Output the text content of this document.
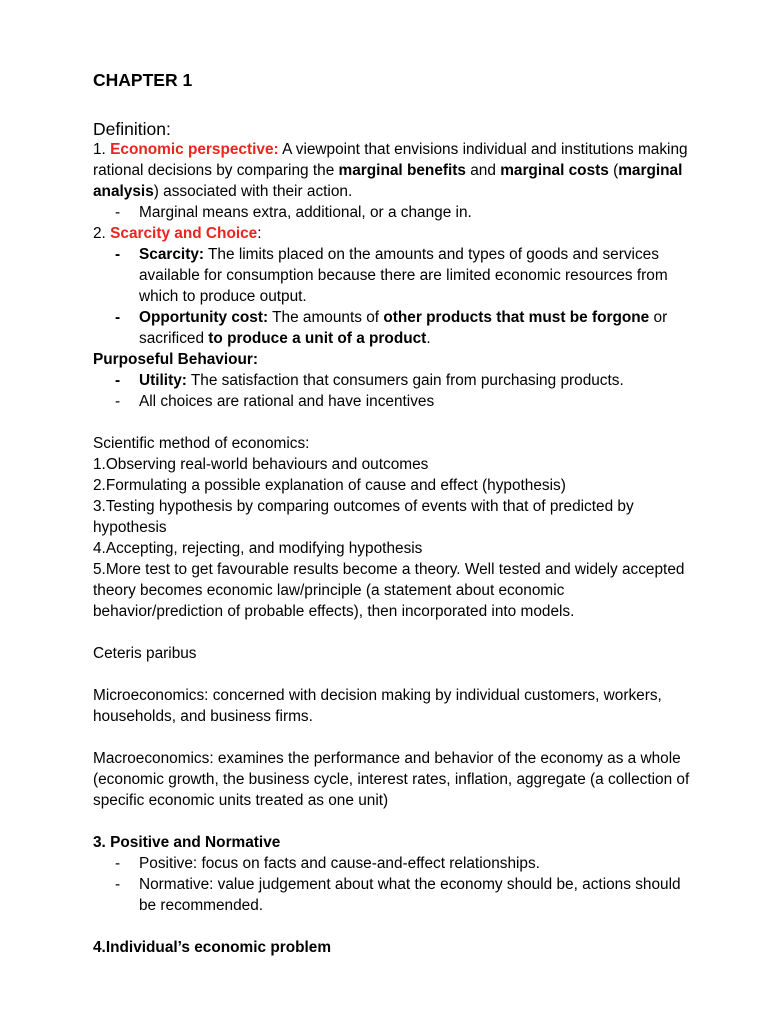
CHAPTER 1
Definition:

1. Economic perspective: A viewpoint that envisions individual and institutions making rational decisions by comparing the marginal benefits and marginal costs (marginal analysis) associated with their action.

- Marginal means extra, additional, or a change in.

2. Scarcity and Choice:

- Scarcity: The limits placed on the amounts and types of goods and services available for consumption because there are limited economic resources from which to produce output.
- Opportunity cost: The amounts of other products that must be forgone or sacrificed to produce a unit of a product.

Purposeful Behaviour:

- Utility: The satisfaction that consumers gain from purchasing products.
- All choices are rational and have incentives

Scientific method of economics:

1.Observing real-world behaviours and outcomes

2.Formulating a possible explanation of cause and effect (hypothesis)

3.Testing hypothesis by comparing outcomes of events with that of predicted by hypothesis

4.Accepting, rejecting, and modifying hypothesis

5.More test to get favourable results become a theory. Well tested and widely accepted theory becomes economic law/principle (a statement about economic behavior/prediction of probable effects), then incorporated into models.

Ceteris paribus

Microeconomics: concerned with decision making by individual customers, workers, households, and business firms.

Macroeconomics: examines the performance and behavior of the economy as a whole (economic growth, the business cycle, interest rates, inflation, aggregate (a collection of specific economic units treated as one unit)

3. Positive and Normative

- Positive: focus on facts and cause-and-effect relationships.
- Normative: value judgement about what the economy should be, actions should be recommended.

4.Individual’s economic problem
